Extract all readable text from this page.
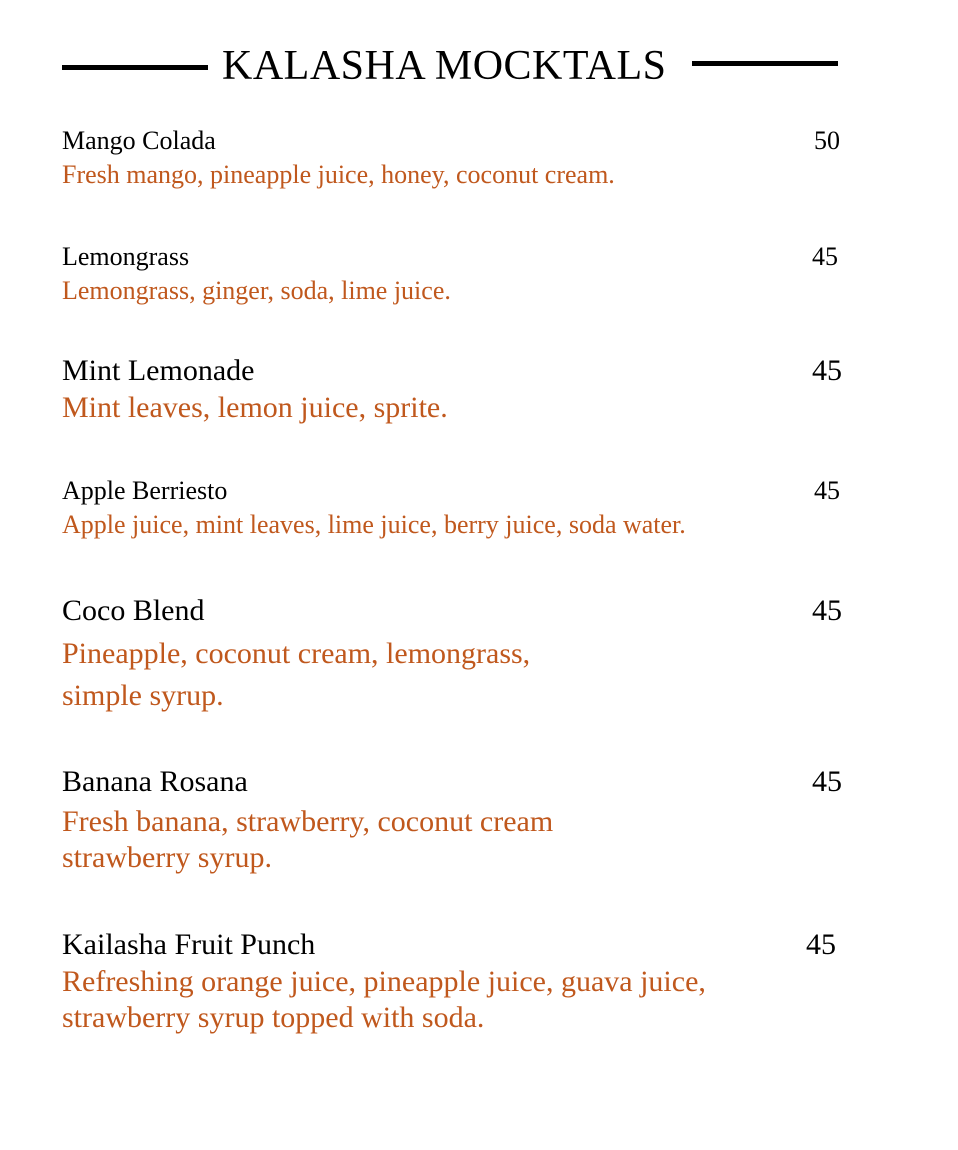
KALASHA MOCKTALS
Mango Colada	50
Fresh mango, pineapple juice, honey, coconut cream.
Lemongrass	45
Lemongrass, ginger, soda, lime juice.
Mint Lemonade	45
Mint leaves, lemon juice, sprite.
Apple Berriesto	45
Apple juice, mint leaves, lime juice, berry juice, soda water.
Coco Blend	45
Pineapple, coconut cream, lemongrass,
simple syrup.
Banana Rosana	45
Fresh banana, strawberry, coconut cream
strawberry syrup.
Kailasha Fruit Punch	45
Refreshing orange juice, pineapple juice, guava juice,
strawberry syrup topped with soda.
